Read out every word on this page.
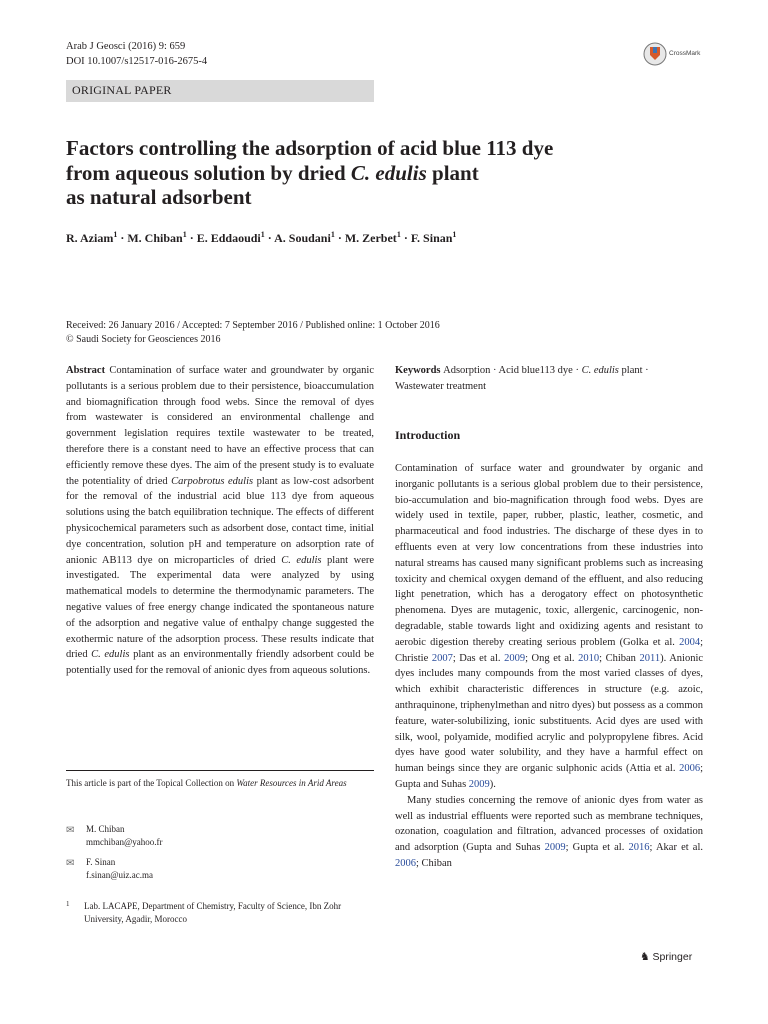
Arab J Geosci (2016) 9: 659
DOI 10.1007/s12517-016-2675-4
ORIGINAL PAPER
CrossMark
Factors controlling the adsorption of acid blue 113 dye
from aqueous solution by dried C. edulis plant
as natural adsorbent
R. Aziam$^1$ · M. Chiban$^1$ · E. Eddaoudi$^1$ · A. Soudani$^1$ · M. Zerbet$^1$ · F. Sinan$^1$
Received: 26 January 2016 / Accepted: 7 September 2016 / Published online: 1 October 2016
© Saudi Society for Geosciences 2016

Abstract Contamination of surface water and groundwater by organic pollutants is a serious problem due to their persistence, bioaccumulation and biomagnification through food webs. Since the removal of dyes from wastewater is considered an environmental challenge and government legislation requires textile wastewater to be treated, therefore there is a constant need to have an effective process that can efficiently remove these dyes. The aim of the present study is to evaluate the potentiality of dried Carpobrotus edulis plant as low-cost adsorbent for the removal of the industrial acid blue 113 dye from aqueous solutions using the batch equilibration technique. The effects of different physicochemical parameters such as adsorbent dose, contact time, initial dye concentration, solution pH and temperature on adsorption rate of anionic AB113 dye on microparticles of dried C. edulis plant were investigated. The experimental data were analyzed by using mathematical models to determine the thermodynamic parameters. The negative values of free energy change indicated the spontaneous nature of the adsorption and negative value of enthalpy change suggested the exothermic nature of the adsorption process. These results indicate that dried C. edulis plant as an environmentally friendly adsorbent could be potentially used for the removal of anionic dyes from aqueous solutions.

This article is part of the Topical Collection on Water Resources in Arid Areas
✉ M. Chiban
mmchiban@yahoo.fr
✉ F. Sinan
f.sinan@uiz.ac.ma
1 Lab. LACAPE, Department of Chemistry, Faculty of Science, Ibn Zohr University, Agadir, Morocco

Keywords Adsorption · Acid blue113 dye · C. edulis plant ·
Wastewater treatment

Introduction

Contamination of surface water and groundwater by organic and inorganic pollutants is a serious global problem due to their persistence, bio-accumulation and bio-magnification through food webs. Dyes are widely used in textile, paper, rubber, plastic, leather, cosmetic, and pharmaceutical and food industries. The discharge of these dyes in to effluents even at very low concentrations from these industries into natural streams has caused many significant problems such as increasing toxicity and chemical oxygen demand of the effluent, and also reducing light penetration, which has a derogatory effect on photosynthetic phenomena. Dyes are mutagenic, toxic, allergenic, carcinogenic, non-degradable, stable towards light and oxidizing agents and resistant to aerobic digestion thereby creating serious problem (Golka et al. 2004; Christie 2007; Das et al. 2009; Ong et al. 2010; Chiban 2011). Anionic dyes includes many compounds from the most varied classes of dyes, which exhibit characteristic differences in structure (e.g. azoic, anthraquinone, triphenylmethan and nitro dyes) but possess as a common feature, water-solubilizing, ionic substituents. Acid dyes are used with silk, wool, polyamide, modified acrylic and polypropylene fibres. Acid dyes have good water solubility, and they have a harmful effect on human beings since they are organic sulphonic acids (Attia et al. 2006; Gupta and Suhas 2009).

Many studies concerning the remove of anionic dyes from water as well as industrial effluents were reported such as membrane techniques, ozonation, coagulation and filtration, advanced processes of oxidation and adsorption (Gupta and Suhas 2009; Gupta et al. 2016; Akar et al. 2006; Chiban

♞ Springer
